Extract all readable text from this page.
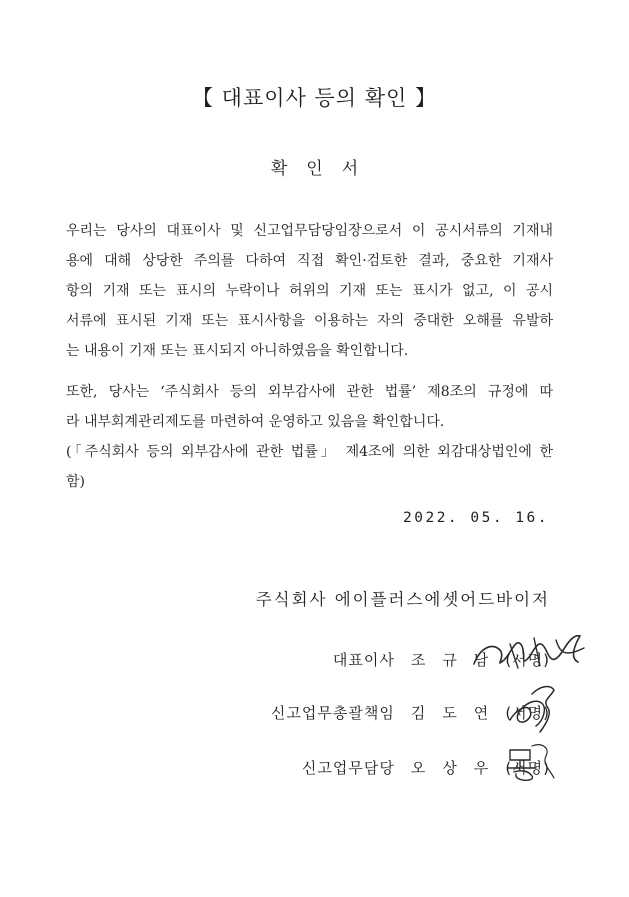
【 대표이사 등의 확인 】
확인서

우리는 당사의 대표이사 및 신고업무담당임장으로서 이 공시서류의 기재내

용에 대해 상당한 주의를 다하여 직접 확인·검토한 결과, 중요한 기재사

항의 기재 또는 표시의 누락이나 허위의 기재 또는 표시가 없고, 이 공시

서류에 표시된 기재 또는 표시사항을 이용하는 자의 중대한 오해를 유발하

는 내용이 기재 또는 표시되지 아니하였음을 확인합니다.

또한, 당사는 ‘주식회사 등의 외부감사에 관한 법률’ 제8조의 규정에 따

라 내부회계관리제도를 마련하여 운영하고 있음을 확인합니다.

(「주식회사 등의 외부감사에 관한 법률」 제4조에 의한 외감대상법인에 한

함)

2022. 05. 16.
주식회사 에이플러스에셋어드바이저
대표이사 조규남(서명)
신고업무총괄책임 김도연(서명)
신고업무담당 오상우(서명)
